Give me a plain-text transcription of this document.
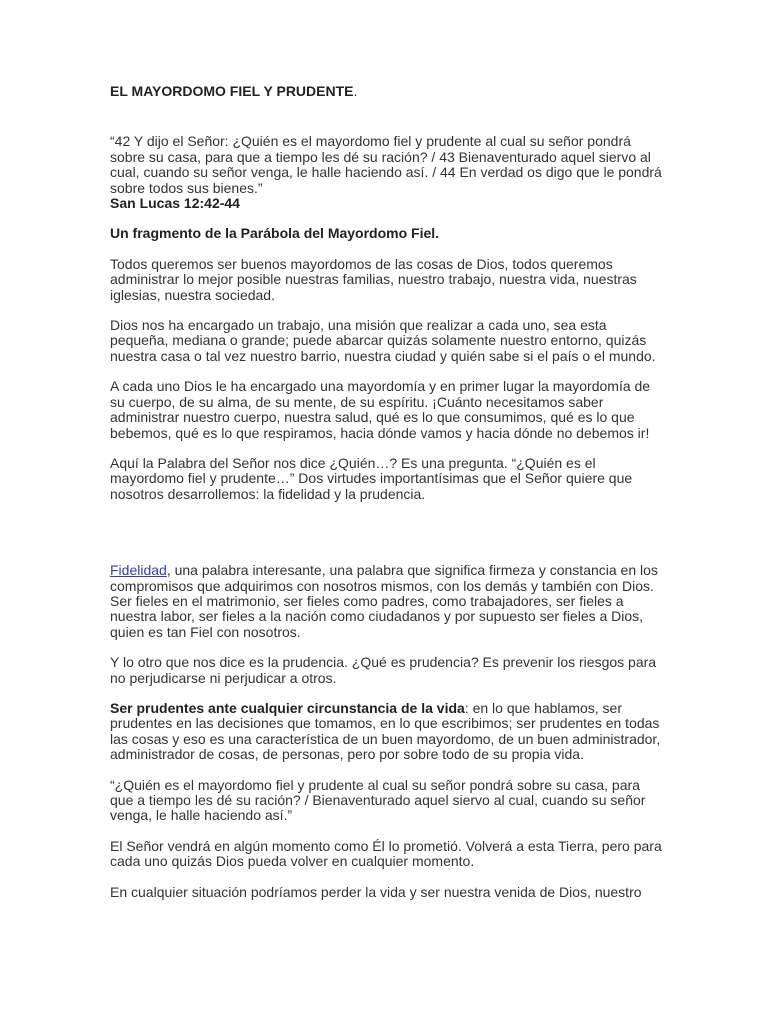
EL MAYORDOMO FIEL Y PRUDENTE.

“42 Y dijo el Señor: ¿Quién es el mayordomo fiel y prudente al cual su señor pondrá sobre su casa, para que a tiempo les dé su ración? / 43 Bienaventurado aquel siervo al cual, cuando su señor venga, le halle haciendo así. / 44 En verdad os digo que le pondrá sobre todos sus bienes.”

San Lucas 12:42-44

Un fragmento de la Parábola del Mayordomo Fiel.

Todos queremos ser buenos mayordomos de las cosas de Dios, todos queremos administrar lo mejor posible nuestras familias, nuestro trabajo, nuestra vida, nuestras iglesias, nuestra sociedad.

Dios nos ha encargado un trabajo, una misión que realizar a cada uno, sea esta pequeña, mediana o grande; puede abarcar quizás solamente nuestro entorno, quizás nuestra casa o tal vez nuestro barrio, nuestra ciudad y quién sabe si el país o el mundo.

A cada uno Dios le ha encargado una mayordomía y en primer lugar la mayordomía de su cuerpo, de su alma, de su mente, de su espíritu. ¡Cuánto necesitamos saber administrar nuestro cuerpo, nuestra salud, qué es lo que consumimos, qué es lo que bebemos, qué es lo que respiramos, hacia dónde vamos y hacia dónde no debemos ir!

Aquí la Palabra del Señor nos dice ¿Quién…? Es una pregunta. “¿Quién es el mayordomo fiel y prudente…” Dos virtudes importantísimas que el Señor quiere que nosotros desarrollemos: la fidelidad y la prudencia.

Fidelidad, una palabra interesante, una palabra que significa firmeza y constancia en los compromisos que adquirimos con nosotros mismos, con los demás y también con Dios. Ser fieles en el matrimonio, ser fieles como padres, como trabajadores, ser fieles a nuestra labor, ser fieles a la nación como ciudadanos y por supuesto ser fieles a Dios, quien es tan Fiel con nosotros.

Y lo otro que nos dice es la prudencia. ¿Qué es prudencia? Es prevenir los riesgos para no perjudicarse ni perjudicar a otros.

Ser prudentes ante cualquier circunstancia de la vida: en lo que hablamos, ser prudentes en las decisiones que tomamos, en lo que escribimos; ser prudentes en todas las cosas y eso es una característica de un buen mayordomo, de un buen administrador, administrador de cosas, de personas, pero por sobre todo de su propia vida.

“¿Quién es el mayordomo fiel y prudente al cual su señor pondrá sobre su casa, para que a tiempo les dé su ración? / Bienaventurado aquel siervo al cual, cuando su señor venga, le halle haciendo así.”

El Señor vendrá en algún momento como Él lo prometió. Volverá a esta Tierra, pero para cada uno quizás Dios pueda volver en cualquier momento.

En cualquier situación podríamos perder la vida y ser nuestra venida de Dios, nuestro
